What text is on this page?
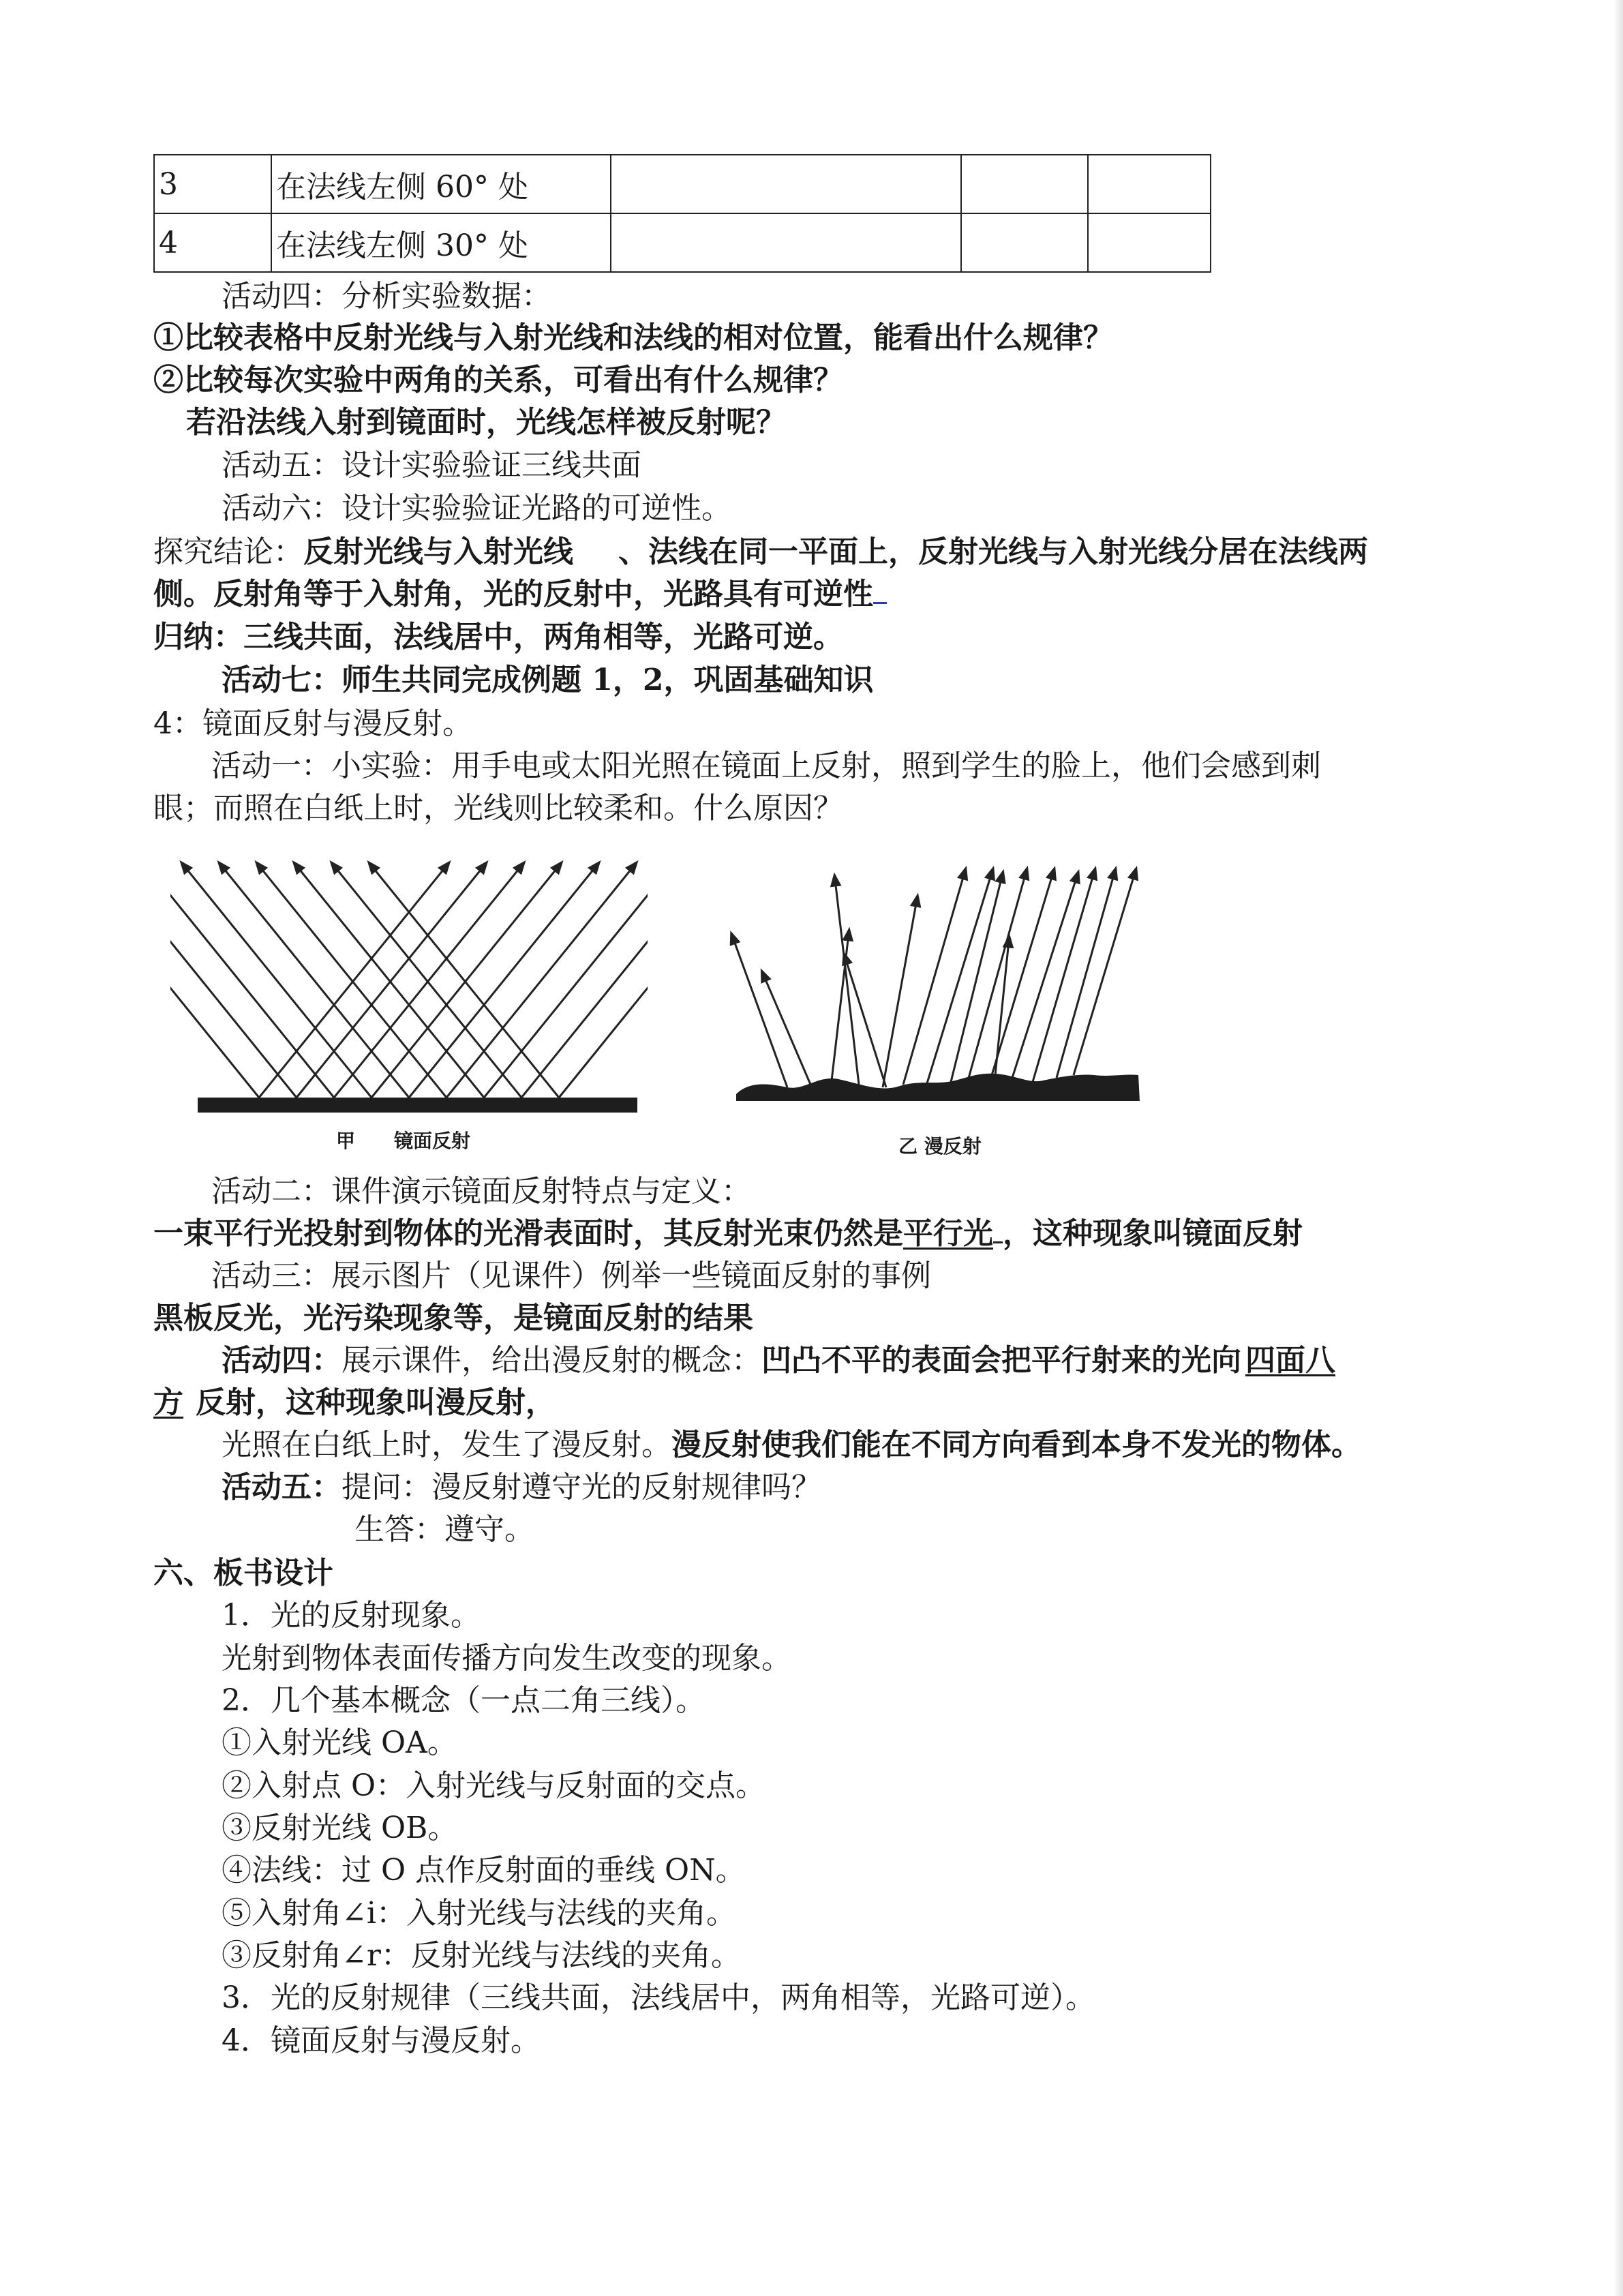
3	在法线左侧 60° 处			
4	在法线左侧 30° 处			
活动四：分析实验数据：
①比较表格中反射光线与入射光线和法线的相对位置，能看出什么规律？
②比较每次实验中两角的关系，可看出有什么规律？
若沿法线入射到镜面时，光线怎样被反射呢？
活动五：设计实验验证三线共面
活动六：设计实验验证光路的可逆性。
探究结论：反射光线与入射光线 、法线在同一平面上，反射光线与入射光线分居在法线两
侧。反射角等于入射角，光的反射中，光路具有可逆性
归纳：三线共面，法线居中，两角相等，光路可逆。
活动七：师生共同完成例题 1，2，巩固基础知识
4：镜面反射与漫反射。
活动一：小实验：用手电或太阳光照在镜面上反射，照到学生的脸上，他们会感到刺
眼；而照在白纸上时，光线则比较柔和。什么原因？
甲 镜面反射	乙 漫反射
活动二：课件演示镜面反射特点与定义：
一束平行光投射到物体的光滑表面时，其反射光束仍然是平行光 ，这种现象叫镜面反射
活动三：展示图片（见课件）例举一些镜面反射的事例
黑板反光，光污染现象等，是镜面反射的结果
活动四：展示课件，给出漫反射的概念：凹凸不平的表面会把平行射来的光向 四面八
方 反射，这种现象叫漫反射，
光照在白纸上时，发生了漫反射。漫反射使我们能在不同方向看到本身不发光的物体。
活动五：提问：漫反射遵守光的反射规律吗？
生答：遵守。
六、板书设计
1．光的反射现象。
光射到物体表面传播方向发生改变的现象。
2．几个基本概念（一点二角三线）。
①入射光线 OA。
②入射点 O：入射光线与反射面的交点。
③反射光线 OB。
④法线：过 O 点作反射面的垂线 ON。
⑤入射角∠i：入射光线与法线的夹角。
③反射角∠r：反射光线与法线的夹角。
3．光的反射规律（三线共面，法线居中，两角相等，光路可逆）。
4．镜面反射与漫反射。
